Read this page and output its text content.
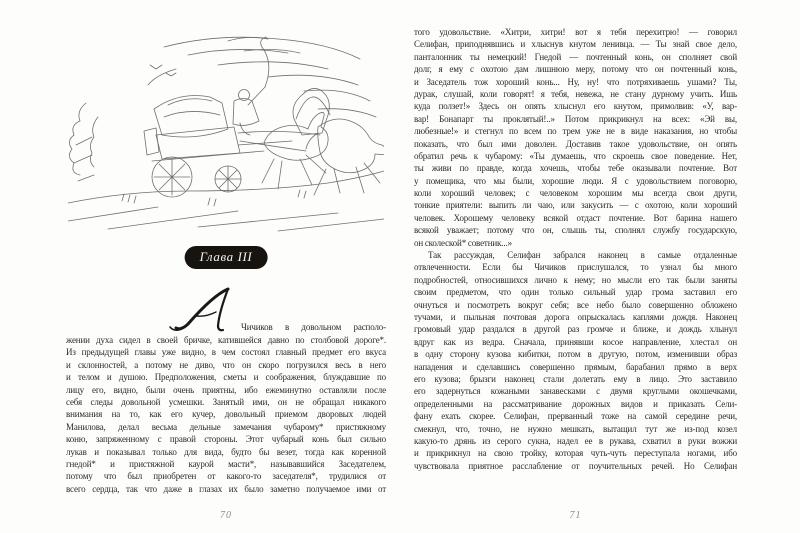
Глава III
Чичиков в довольном располо-
жении духа сидел в своей бричке, катившейся давно по столбовой дороге*.
Из предыдущей главы уже видно, в чем состоял главный предмет его вкуса
и склонностей, а потому не диво, что он скоро погрузился весь в него
и телом и душою. Предположения, сметы и соображения, блуждавшие по
лицу его, видно, были очень приятны, ибо ежеминутно оставляли после
себя следы довольной усмешки. Занятый ими, он не обращал никакого
внимания на то, как его кучер, довольный приемом дворовых людей
Манилова, делал весьма дельные замечания чубарому* пристяжному
коню, запряженному с правой стороны. Этот чубарый конь был сильно
лукав и показывал только для вида, будто бы везет, тогда как коренной
гнедой* и пристяжной каурой масти*, называвшийся Заседателем,
потому что был приобретен от какого-то заседателя*, трудилися от
всего сердца, так что даже в глазах их было заметно получаемое ими от
70
того удовольствие. «Хитри, хитри! вот я тебя перехитрю! — говорил
Селифан, приподнявшись и хлыснув кнутом ленивца. — Ты знай свое дело,
панталонник ты немецкий! Гнедой — почтенный конь, он сполняет свой
долг, я ему с охотою дам лишнюю меру, потому что он почтенный конь,
и Заседатель тож хороший конь... Ну, ну! что потряхиваешь ушами? Ты,
дурак, слушай, коли говорят! я тебя, невежа, не стану дурному учить. Ишь
куда ползет!» Здесь он опять хлыснул его кнутом, примолвив: «У, вар-
вар! Бонапарт ты проклятый!..» Потом прикрикнул на всех: «Эй вы,
любезные!» и стегнул по всем по трем уже не в виде наказания, но чтобы
показать, что был ими доволен. Доставив такое удовольствие, он опять
обратил речь к чубарому: «Ты думаешь, что скроешь свое поведение. Нет,
ты живи по правде, когда хочешь, чтобы тебе оказывали почтение. Вот
у помещика, что мы были, хорошие люди. Я с удовольствием поговорю,
коли хороший человек; с человеком хорошим мы всегда свои други,
тонкие приятели: выпить ли чаю, или закусить — с охотою, коли хороший
человек. Хорошему человеку всякой отдаст почтение. Вот барина нашего
всякой уважает; потому что он, слышь ты, сполнял службу государскую,
он сколеской* советник...»
Так рассуждая, Селифан забрался наконец в самые отдаленные
отвлеченности. Если бы Чичиков прислушался, то узнал бы много
подробностей, относившихся лично к нему; но мысли его так были заняты
своим предметом, что один только сильный удар грома заставил его
очнуться и посмотреть вокруг себя; все небо было совершенно обложено
тучами, и пыльная почтовая дорога опрыскалась каплями дождя. Наконец
громовый удар раздался в другой раз громче и ближе, и дождь хлынул
вдруг как из ведра. Сначала, принявши косое направление, хлестал он
в одну сторону кузова кибитки, потом в другую, потом, изменивши образ
нападения и сделавшись совершенно прямым, барабанил прямо в верх
его кузова; брызги наконец стали долетать ему в лицо. Это заставило
его задернуться кожаными занавесками с двумя круглыми окошечками,
определенными на рассматривание дорожных видов и приказать Сели-
фану ехать скорее. Селифан, прерванный тоже на самой середине речи,
смекнул, что, точно, не нужно мешкать, вытащил тут же из-под козел
какую-то дрянь из серого сукна, надел ее в рукава, схватил в руки вожжи
и прикрикнул на свою тройку, которая чуть-чуть переступала ногами, ибо
чувствовала приятное расслабление от поучительных речей. Но Селифан
71
